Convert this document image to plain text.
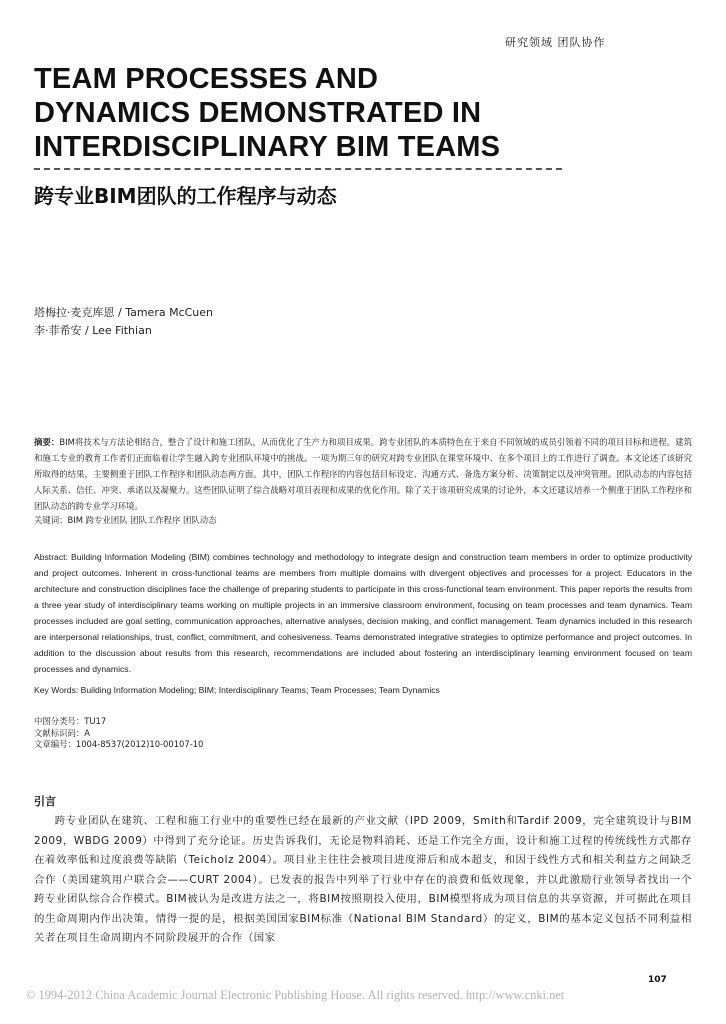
研究领域 团队协作
TEAM PROCESSES AND
DYNAMICS DEMONSTRATED IN
INTERDISCIPLINARY BIM TEAMS
跨专业BIM团队的工作程序与动态
塔梅拉·麦克库恩 / Tamera McCuen
李·菲希安 / Lee Fithian
摘要：BIM将技术与方法论相结合，整合了设计和施工团队，从而优化了生产力和项目成果。跨专业团队的本质特色在于来自不同领域的成员引领着不同的项目目标和进程。建筑和施工专业的教育工作者们正面临着让学生融入跨专业团队环境中的挑战。一项为期三年的研究对跨专业团队在课堂环境中、在多个项目上的工作进行了调查。本文论述了该研究所取得的结果，主要侧重于团队工作程序和团队动态两方面。其中，团队工作程序的内容包括目标设定、沟通方式、备选方案分析、决策制定以及冲突管理。团队动态的内容包括人际关系、信任、冲突、承诺以及凝聚力。这些团队证明了综合战略对项目表现和成果的优化作用。除了关于该项研究成果的讨论外，本文还建议培养一个侧重于团队工作程序和团队动态的跨专业学习环境。
关键词：BIM 跨专业团队 团队工作程序 团队动态
Abstract: Building Information Modeling (BIM) combines technology and methodology to integrate design and construction team members in order to optimize productivity and project outcomes. Inherent in cross-functional teams are members from multiple domains with divergent objectives and processes for a project. Educators in the architecture and construction disciplines face the challenge of preparing students to participate in this cross-functional team environment. This paper reports the results from a three year study of interdisciplinary teams working on multiple projects in an immersive classroom environment, focusing on team processes and team dynamics. Team processes included are goal setting, communication approaches, alternative analyses, decision making, and conflict management. Team dynamics included in this research are interpersonal relationships, trust, conflict, commitment, and cohesiveness. Teams demonstrated integrative strategies to optimize performance and project outcomes. In addition to the discussion about results from this research, recommendations are included about fostering an interdisciplinary learning environment focused on team processes and dynamics.
Key Words: Building Information Modeling; BIM; Interdisciplinary Teams; Team Processes; Team Dynamics
中图分类号：TU17
文献标识码：A
文章编号：1004-8537(2012)10-00107-10
引言
跨专业团队在建筑、工程和施工行业中的重要性已经在最新的产业文献（IPD 2009，Smith和Tardif 2009，完全建筑设计与BIM 2009，WBDG 2009）中得到了充分论证。历史告诉我们，无论是物料消耗、还是工作完全方面，设计和施工过程的传统线性方式都存在着效率低和过度浪费等缺陷（Teicholz 2004）。项目业主往往会被项目进度滞后和成本超支，和因于线性方式和相关利益方之间缺乏合作（美国建筑用户联合会——CURT 2004）。已发表的报告中列举了行业中存在的浪费和低效现象，并以此激励行业领导者找出一个跨专业团队综合合作模式。BIM被认为是改进方法之一，将BIM按照期投入使用，BIM模型将成为项目信息的共享资源，并可据此在项目的生命周期内作出决策。情得一提的是，根据美国国家BIM标准（National BIM Standard）的定义，BIM的基本定义包括不同利益相关者在项目生命周期内不同阶段展开的合作（国家
107
© 1994-2012 China Academic Journal Electronic Publishing House. All rights reserved. http://www.cnki.net
